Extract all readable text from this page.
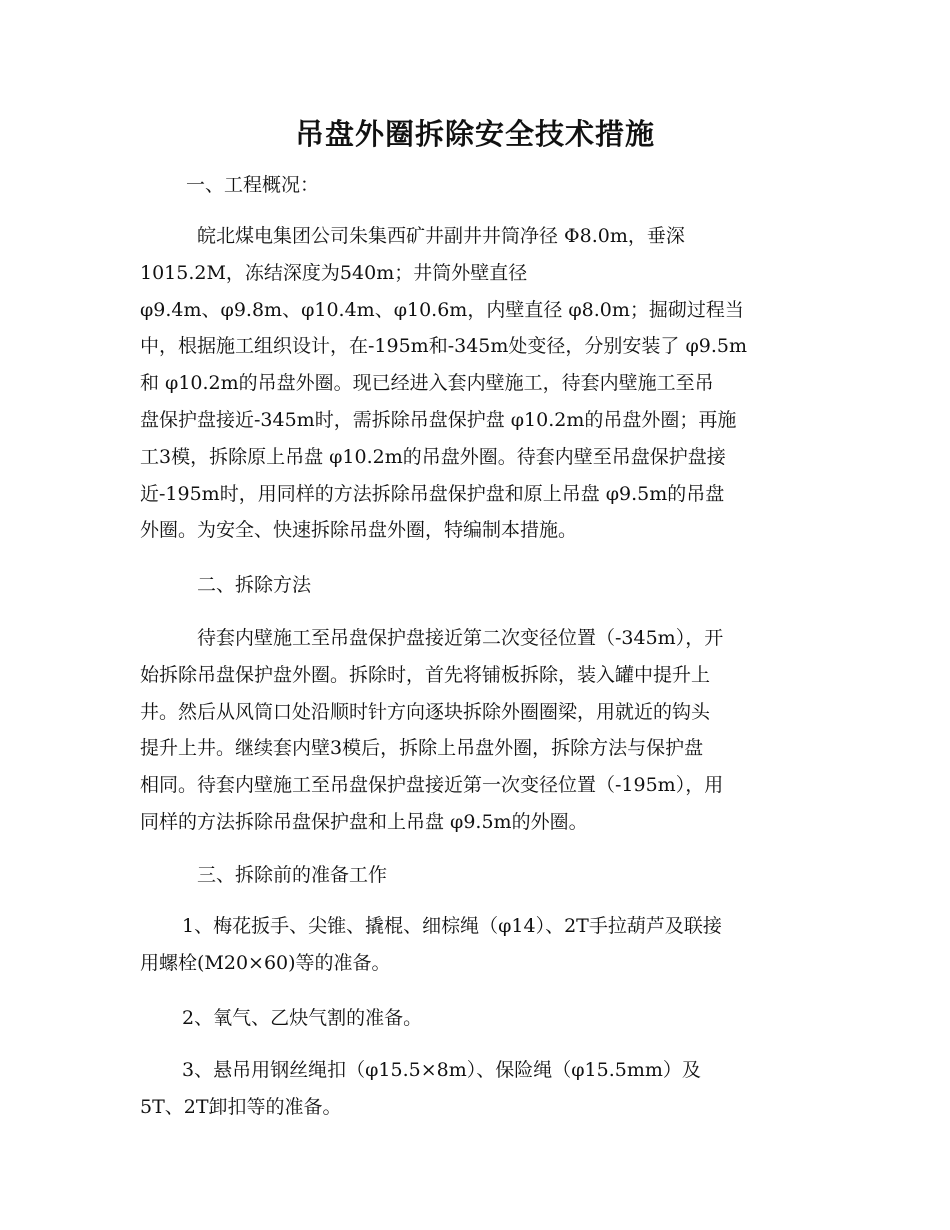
吊盘外圈拆除安全技术措施
一、工程概况：
皖北煤电集团公司朱集西矿井副井井筒净径 Φ8.0m，垂深
1015.2M，冻结深度为540m；井筒外壁直径
φ9.4m、φ9.8m、φ10.4m、φ10.6m，内壁直径 φ8.0m；掘砌过程当
中，根据施工组织设计，在-195m和-345m处变径，分别安装了 φ9.5m
和 φ10.2m的吊盘外圈。现已经进入套内壁施工，待套内壁施工至吊
盘保护盘接近-345m时，需拆除吊盘保护盘 φ10.2m的吊盘外圈；再施
工3模，拆除原上吊盘 φ10.2m的吊盘外圈。待套内壁至吊盘保护盘接
近-195m时，用同样的方法拆除吊盘保护盘和原上吊盘 φ9.5m的吊盘
外圈。为安全、快速拆除吊盘外圈，特编制本措施。
二、拆除方法
待套内壁施工至吊盘保护盘接近第二次变径位置（-345m），开
始拆除吊盘保护盘外圈。拆除时，首先将铺板拆除，装入罐中提升上
井。然后从风筒口处沿顺时针方向逐块拆除外圈圈梁，用就近的钩头
提升上井。继续套内壁3模后，拆除上吊盘外圈，拆除方法与保护盘
相同。待套内壁施工至吊盘保护盘接近第一次变径位置（-195m），用
同样的方法拆除吊盘保护盘和上吊盘 φ9.5m的外圈。
三、拆除前的准备工作
1、梅花扳手、尖锥、撬棍、细棕绳（φ14）、2T手拉葫芦及联接
用螺栓(M20×60)等的准备。
2、氧气、乙炔气割的准备。
3、悬吊用钢丝绳扣（φ15.5×8m）、保险绳（φ15.5mm）及
5T、2T卸扣等的准备。
